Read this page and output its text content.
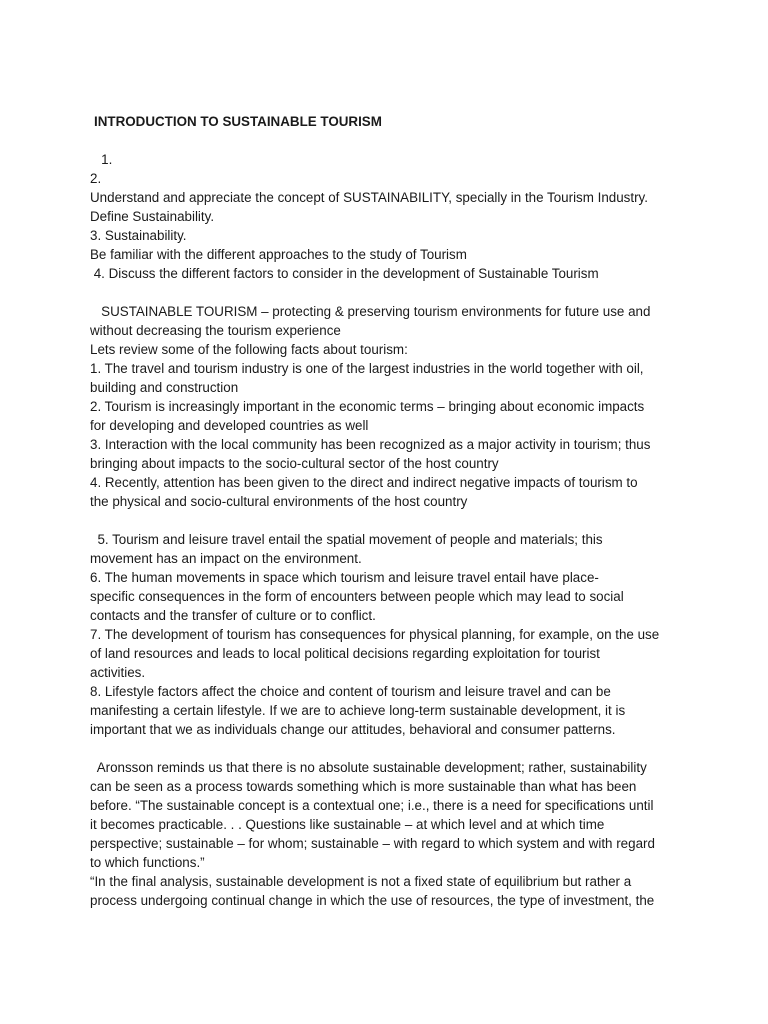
INTRODUCTION TO SUSTAINABLE TOURISM
1.
2.
Understand and appreciate the concept of SUSTAINABILITY, specially in the Tourism Industry.
Define Sustainability.
3. Sustainability.
Be familiar with the different approaches to the study of Tourism
4. Discuss the different factors to consider in the development of Sustainable Tourism
SUSTAINABLE TOURISM – protecting & preserving tourism environments for future use and
without decreasing the tourism experience
Lets review some of the following facts about tourism:
1. The travel and tourism industry is one of the largest industries in the world together with oil,
building and construction
2. Tourism is increasingly important in the economic terms – bringing about economic impacts
for developing and developed countries as well
3. Interaction with the local community has been recognized as a major activity in tourism; thus
bringing about impacts to the socio-cultural sector of the host country
4. Recently, attention has been given to the direct and indirect negative impacts of tourism to
the physical and socio-cultural environments of the host country
5. Tourism and leisure travel entail the spatial movement of people and materials; this
movement has an impact on the environment.
6. The human movements in space which tourism and leisure travel entail have place-
specific consequences in the form of encounters between people which may lead to social
contacts and the transfer of culture or to conflict.
7. The development of tourism has consequences for physical planning, for example, on the use
of land resources and leads to local political decisions regarding exploitation for tourist
activities.
8. Lifestyle factors affect the choice and content of tourism and leisure travel and can be
manifesting a certain lifestyle. If we are to achieve long-term sustainable development, it is
important that we as individuals change our attitudes, behavioral and consumer patterns.
Aronsson reminds us that there is no absolute sustainable development; rather, sustainability
can be seen as a process towards something which is more sustainable than what has been
before. “The sustainable concept is a contextual one; i.e., there is a need for specifications until
it becomes practicable. . . Questions like sustainable – at which level and at which time
perspective; sustainable – for whom; sustainable – with regard to which system and with regard
to which functions.”
“In the final analysis, sustainable development is not a fixed state of equilibrium but rather a
process undergoing continual change in which the use of resources, the type of investment, the
